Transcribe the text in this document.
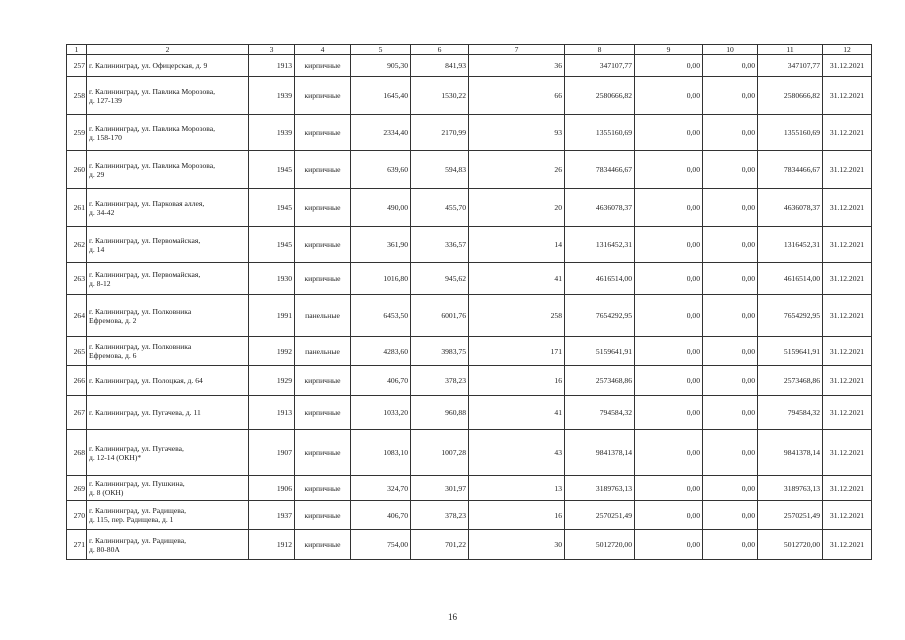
1	2	3	4	5	6	7	8	9	10	11	12
257	г. Калининград, ул. Офицерская, д. 9	1913	кирпичные	905,30	841,93	36	347107,77	0,00	0,00	347107,77	31.12.2021
258	г. Калининград, ул. Павлика Морозова,
д. 127-139	1939	кирпичные	1645,40	1530,22	66	2580666,82	0,00	0,00	2580666,82	31.12.2021
259	г. Калининград, ул. Павлика Морозова,
д. 158-170	1939	кирпичные	2334,40	2170,99	93	1355160,69	0,00	0,00	1355160,69	31.12.2021
260	г. Калининград, ул. Павлика Морозова,
д. 29	1945	кирпичные	639,60	594,83	26	7834466,67	0,00	0,00	7834466,67	31.12.2021
261	г. Калининград, ул. Парковая аллея,
д. 34-42	1945	кирпичные	490,00	455,70	20	4636078,37	0,00	0,00	4636078,37	31.12.2021
262	г. Калининград, ул. Первомайская,
д. 14	1945	кирпичные	361,90	336,57	14	1316452,31	0,00	0,00	1316452,31	31.12.2021
263	г. Калининград, ул. Первомайская,
д. 8-12	1930	кирпичные	1016,80	945,62	41	4616514,00	0,00	0,00	4616514,00	31.12.2021
264	г. Калининград, ул. Полковника
Ефремова, д. 2	1991	панельные	6453,50	6001,76	258	7654292,95	0,00	0,00	7654292,95	31.12.2021
265	г. Калининград, ул. Полковника
Ефремова, д. 6	1992	панельные	4283,60	3983,75	171	5159641,91	0,00	0,00	5159641,91	31.12.2021
266	г. Калининград, ул. Полоцкая, д. 64	1929	кирпичные	406,70	378,23	16	2573468,86	0,00	0,00	2573468,86	31.12.2021
267	г. Калининград, ул. Пугачева, д. 11	1913	кирпичные	1033,20	960,88	41	794584,32	0,00	0,00	794584,32	31.12.2021
268	г. Калининград, ул. Пугачева,
д. 12-14 (ОКН)*	1907	кирпичные	1083,10	1007,28	43	9841378,14	0,00	0,00	9841378,14	31.12.2021
269	г. Калининград, ул. Пушкина,
д. 8 (ОКН)	1906	кирпичные	324,70	301,97	13	3189763,13	0,00	0,00	3189763,13	31.12.2021
270	г. Калининград, ул. Радищева,
д. 115, пер. Радищева, д. 1	1937	кирпичные	406,70	378,23	16	2570251,49	0,00	0,00	2570251,49	31.12.2021
271	г. Калининград, ул. Радищева,
д. 80-80А	1912	кирпичные	754,00	701,22	30	5012720,00	0,00	0,00	5012720,00	31.12.2021
16
